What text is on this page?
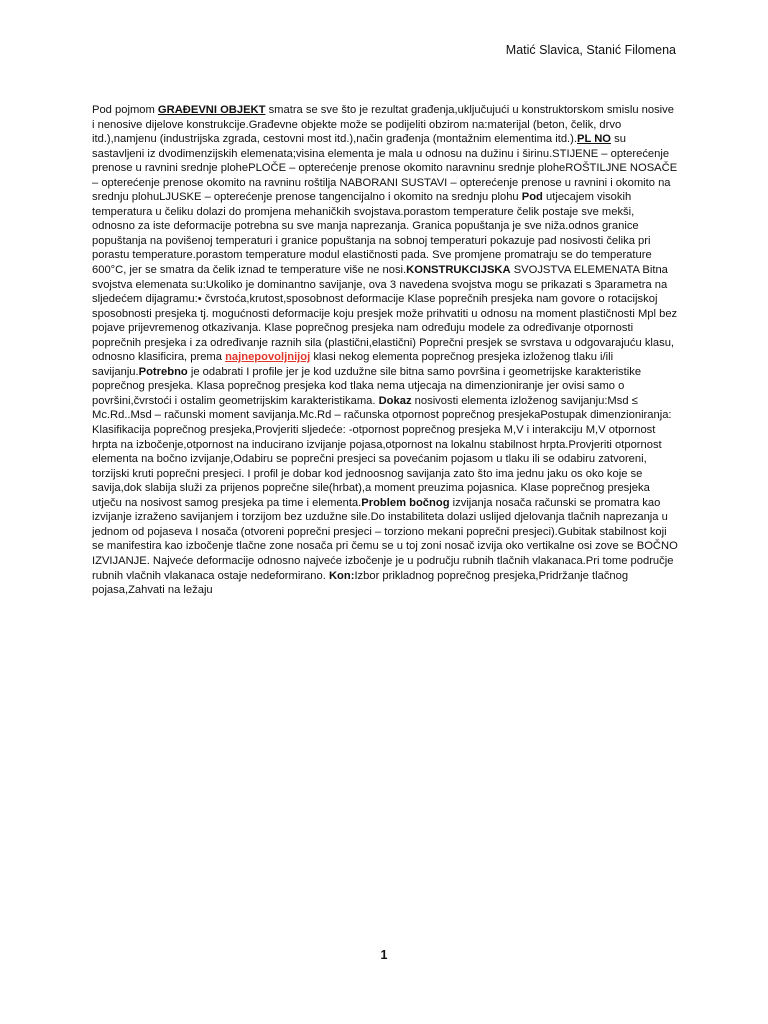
Matić Slavica, Stanić Filomena

Pod pojmom GRAĐEVNI OBJEKT smatra se sve što je rezultat građenja,uključujući u konstruktorskom smislu nosive i nenosive dijelove konstrukcije.Građevne objekte može se podijeliti obzirom na:materijal (beton, čelik, drvo itd.),namjenu (industrijska zgrada, cestovni most itd.),način građenja (montažnim elementima itd.).PL NO su sastavljeni iz dvodimenzijskih elemenata;visina elementa je mala u odnosu na dužinu i širinu.STIJENE – opterećenje prenose u ravnini srednje plohePLOČE – opterećenje prenose okomito naravninu srednje ploheROŠTILJNE NOSAČE – opterećenje prenose okomito na ravninu roštilja NABORANI SUSTAVI – opterećenje prenose u ravnini i okomito na srednju plohuLJUSKE – opterećenje prenose tangencijalno i okomito na srednju plohu Pod utjecajem visokih temperatura u čeliku dolazi do promjena mehaničkih svojstava.porastom temperature čelik postaje sve mekši, odnosno za iste deformacije potrebna su sve manja naprezanja. Granica popuštanja je sve niža.odnos granice popuštanja na povišenoj temperaturi i granice popuštanja na sobnoj temperaturi pokazuje pad nosivosti čelika pri porastu temperature.porastom temperature modul elastičnosti pada. Sve promjene promatraju se do temperature 600°C, jer se smatra da čelik iznad te temperature više ne nosi.KONSTRUKCIJSKA SVOJSTVA ELEMENATA Bitna svojstva elemenata su:Ukoliko je dominantno savijanje, ova 3 navedena svojstva mogu se prikazati s 3parametra na sljedećem dijagramu:• čvrstoća,krutost,sposobnost deformacije Klase poprečnih presjeka nam govore o rotacijskoj sposobnosti presjeka tj. mogućnosti deformacije koju presjek može prihvatiti u odnosu na moment plastičnosti Mpl bez pojave prijevremenog otkazivanja. Klase poprečnog presjeka nam određuju modele za određivanje otpornosti poprečnih presjeka i za određivanje raznih sila (plastični,elastični) Poprečni presjek se svrstava u odgovarajuću klasu, odnosno klasificira, prema najnepovoljnijoj klasi nekog elementa poprečnog presjeka izloženog tlaku i/ili savijanju.Potrebno je odabrati I profile jer je kod uzdužne sile bitna samo površina i geometrijske karakteristike poprečnog presjeka. Klasa poprečnog presjeka kod tlaka nema utjecaja na dimenzioniranje jer ovisi samo o površini,čvrstoći i ostalim geometrijskim karakteristikama. Dokaz nosivosti elementa izloženog savijanju:Msd ≤ Mc.Rd..Msd – računski moment savijanja.Mc.Rd – računska otpornost poprečnog presjekaPostupak dimenzioniranja: Klasifikacija poprečnog presjeka,Provjeriti sljedeće: -otpornost poprečnog presjeka M,V i interakciju M,V otpornost hrpta na izbočenje,otpornost na inducirano izvijanje pojasa,otpornost na lokalnu stabilnost hrpta.Provjeriti otpornost elementa na bočno izvijanje,Odabiru se poprečni presjeci sa povećanim pojasom u tlaku ili se odabiru zatvoreni, torzijski kruti poprečni presjeci. I profil je dobar kod jednoosnog savijanja zato što ima jednu jaku os oko koje se savija,dok slabija služi za prijenos poprečne sile(hrbat),a moment preuzima pojasnica. Klase poprečnog presjeka utječu na nosivost samog presjeka pa time i elementa.Problem bočnog izvijanja nosača računski se promatra kao izvijanje izraženo savijanjem i torzijom bez uzdužne sile.Do instabiliteta dolazi uslijed djelovanja tlačnih naprezanja u jednom od pojaseva I nosača (otvoreni poprečni presjeci – torziono mekani poprečni presjeci).Gubitak stabilnost koji se manifestira kao izbočenje tlačne zone nosača pri čemu se u toj zoni nosač izvija oko vertikalne osi zove se BOČNO IZVIJANJE. Najveće deformacije odnosno najveće izbočenje je u području rubnih tlačnih vlakanaca.Pri tome područje rubnih vlačnih vlakanaca ostaje nedeformirano. Kon:Izbor prikladnog poprečnog presjeka,Pridržanje tlačnog pojasa,Zahvati na ležaju

1
